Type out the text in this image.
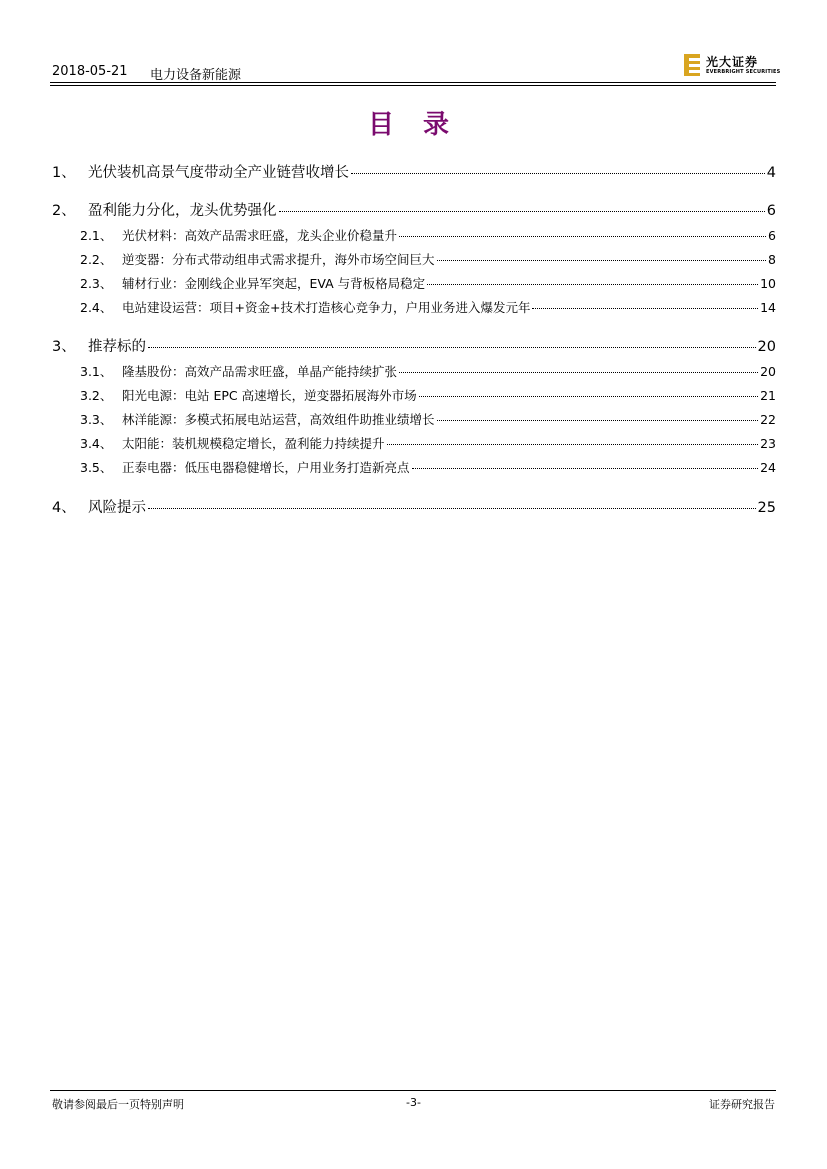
2018-05-21 电力设备新能源
光大证券
EVERBRIGHT SECURITIES
目 录
1、 光伏装机高景气度带动全产业链营收增长	4
2、 盈利能力分化，龙头优势强化	6
2.1、 光伏材料：高效产品需求旺盛，龙头企业价稳量升	6
2.2、 逆变器：分布式带动组串式需求提升，海外市场空间巨大	8
2.3、 辅材行业：金刚线企业异军突起，EVA 与背板格局稳定	10
2.4、 电站建设运营：项目+资金+技术打造核心竞争力，户用业务进入爆发元年	14
3、 推荐标的	20
3.1、 隆基股份：高效产品需求旺盛，单晶产能持续扩张	20
3.2、 阳光电源：电站 EPC 高速增长，逆变器拓展海外市场	21
3.3、 林洋能源：多模式拓展电站运营，高效组件助推业绩增长	22
3.4、 太阳能：装机规模稳定增长，盈利能力持续提升	23
3.5、 正泰电器：低压电器稳健增长，户用业务打造新亮点	24
4、 风险提示	25
敬请参阅最后一页特别声明	-3-	证券研究报告
